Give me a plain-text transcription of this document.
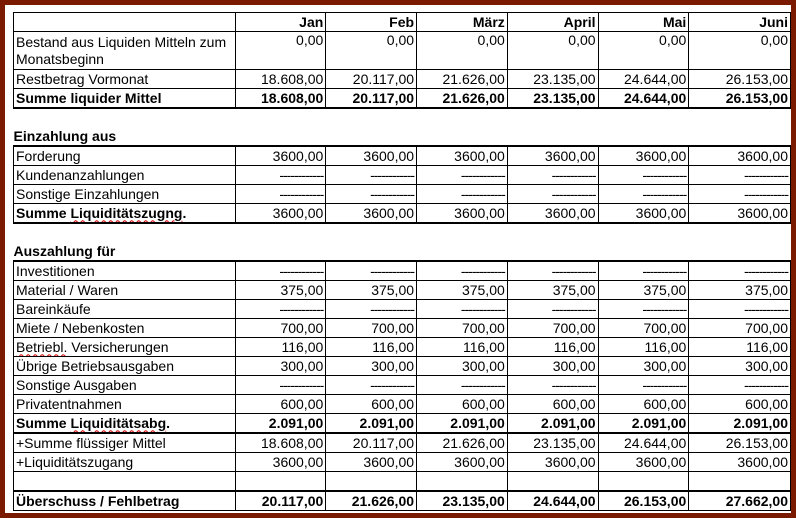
	Jan	Feb	März	April	Mai	Juni
Bestand aus Liquiden Mitteln zum Monatsbeginn	0,00	0,00	0,00	0,00	0,00	0,00
Restbetrag Vormonat	18.608,00	20.117,00	21.626,00	23.135,00	24.644,00	26.153,00
Summe liquider Mittel	18.608,00	20.117,00	21.626,00	23.135,00	24.644,00	26.153,00

Einzahlung aus						
Forderung	3600,00	3600,00	3600,00	3600,00	3600,00	3600,00
Kundenanzahlungen	------------	------------	------------	------------	------------	------------
Sonstige Einzahlungen	------------	------------	------------	------------	------------	------------
Summe Liquiditätszugng.	3600,00	3600,00	3600,00	3600,00	3600,00	3600,00

Auszahlung für						
Investitionen	------------	------------	------------	------------	------------	------------
Material / Waren	375,00	375,00	375,00	375,00	375,00	375,00
Bareinkäufe	------------	------------	------------	------------	------------	------------
Miete / Nebenkosten	700,00	700,00	700,00	700,00	700,00	700,00
Betriebl. Versicherungen	116,00	116,00	116,00	116,00	116,00	116,00
Übrige Betriebsausgaben	300,00	300,00	300,00	300,00	300,00	300,00
Sonstige Ausgaben	------------	------------	------------	------------	------------	------------
Privatentnahmen	600,00	600,00	600,00	600,00	600,00	600,00
Summe Liquiditätsabg.	2.091,00	2.091,00	2.091,00	2.091,00	2.091,00	2.091,00
+Summe flüssiger Mittel	18.608,00	20.117,00	21.626,00	23.135,00	24.644,00	26.153,00
+Liquiditätszugang	3600,00	3600,00	3600,00	3600,00	3600,00	3600,00

Überschuss / Fehlbetrag	20.117,00	21.626,00	23.135,00	24.644,00	26.153,00	27.662,00
